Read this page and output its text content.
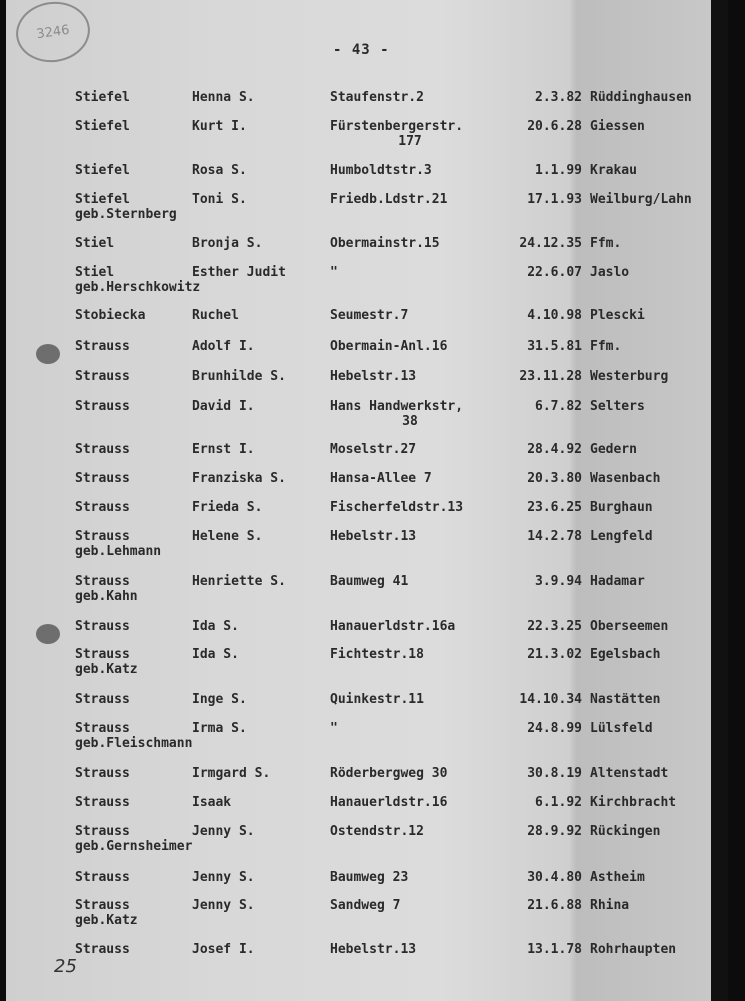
3246
- 43 -
25
Stiefel	Henna S.	Staufenstr.2	2.3.82 Rüddinghausen
Stiefel	Kurt I.	Fürstenbergerstr.	20.6.28 Giessen
177
Stiefel	Rosa S.	Humboldtstr.3	1.1.99 Krakau
Stiefel	Toni S.	Friedb.Ldstr.21	17.1.93 Weilburg/Lahn
geb.Sternberg
Stiel	Bronja S.	Obermainstr.15	24.12.35 Ffm.
Stiel	Esther Judit	"	22.6.07 Jaslo
geb.Herschkowitz
Stobiecka	Ruchel	Seumestr.7	4.10.98 Plescki
Strauss	Adolf I.	Obermain-Anl.16	31.5.81 Ffm.
Strauss	Brunhilde S.	Hebelstr.13	23.11.28 Westerburg
Strauss	David I.	Hans Handwerkstr,	6.7.82 Selters
38
Strauss	Ernst I.	Moselstr.27	28.4.92 Gedern
Strauss	Franziska S.	Hansa-Allee 7	20.3.80 Wasenbach
Strauss	Frieda S.	Fischerfeldstr.13	23.6.25 Burghaun
Strauss	Helene S.	Hebelstr.13	14.2.78 Lengfeld
geb.Lehmann
Strauss	Henriette S.	Baumweg 41	3.9.94 Hadamar
geb.Kahn
Strauss	Ida S.	Hanauerldstr.16a	22.3.25 Oberseemen
Strauss	Ida S.	Fichtestr.18	21.3.02 Egelsbach
geb.Katz
Strauss	Inge S.	Quinkestr.11	14.10.34 Nastätten
Strauss	Irma S.	"	24.8.99 Lülsfeld
geb.Fleischmann
Strauss	Irmgard S.	Röderbergweg 30	30.8.19 Altenstadt
Strauss	Isaak	Hanauerldstr.16	6.1.92 Kirchbracht
Strauss	Jenny S.	Ostendstr.12	28.9.92 Rückingen
geb.Gernsheimer
Strauss	Jenny S.	Baumweg 23	30.4.80 Astheim
Strauss	Jenny S.	Sandweg 7	21.6.88 Rhina
geb.Katz
Strauss	Josef I.	Hebelstr.13	13.1.78 Rohrhaupten
